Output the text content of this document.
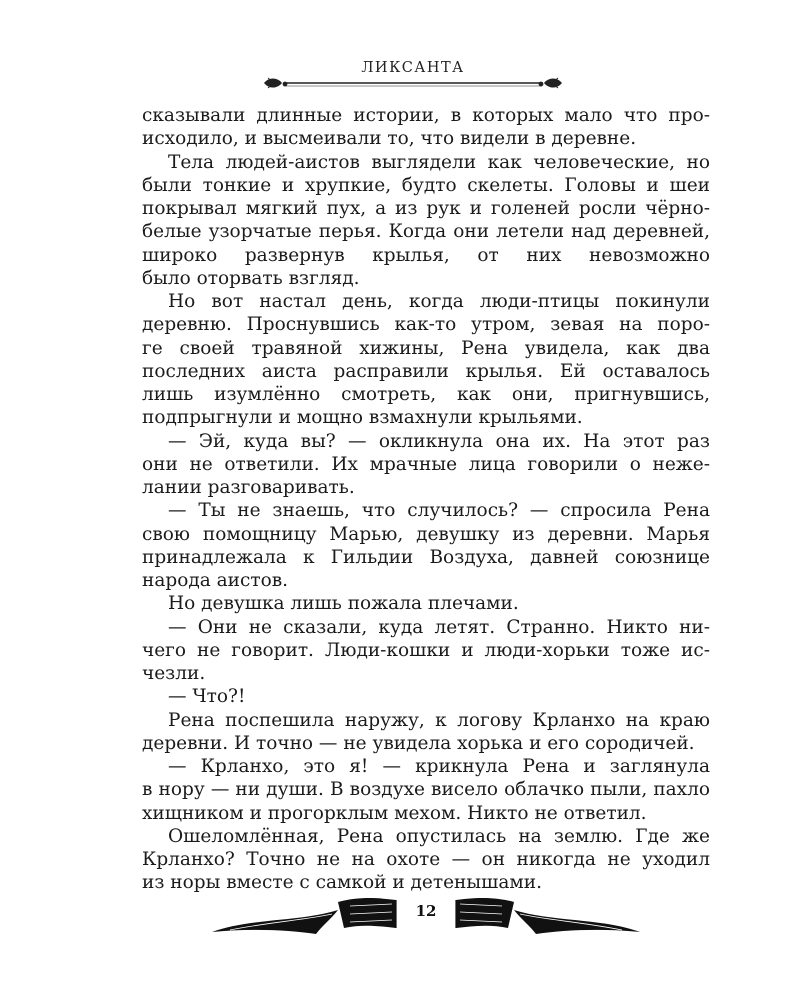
ЛИКСАНТА
сказывали длинные истории, в которых мало что про-
исходило, и высмеивали то, что видели в деревне.
Тела людей-аистов выглядели как человеческие, но
были тонкие и хрупкие, будто скелеты. Головы и шеи
покрывал мягкий пух, а из рук и голеней росли чёрно-
белые узорчатые перья. Когда они летели над деревней,
широко развернув крылья, от них невозможно
было оторвать взгляд.
Но вот настал день, когда люди-птицы покинули
деревню. Проснувшись как-то утром, зевая на поро-
ге своей травяной хижины, Рена увидела, как два
последних аиста расправили крылья. Ей оставалось
лишь изумлённо смотреть, как они, пригнувшись,
подпрыгнули и мощно взмахнули крыльями.
— Эй, куда вы? — окликнула она их. На этот раз
они не ответили. Их мрачные лица говорили о неже-
лании разговаривать.
— Ты не знаешь, что случилось? — спросила Рена
свою помощницу Марью, девушку из деревни. Марья
принадлежала к Гильдии Воздуха, давней союзнице
народа аистов.
Но девушка лишь пожала плечами.
— Они не сказали, куда летят. Странно. Никто ни-
чего не говорит. Люди-кошки и люди-хорьки тоже ис-
чезли.
— Что?!
Рена поспешила наружу, к логову Крланхо на краю
деревни. И точно — не увидела хорька и его сородичей.
— Крланхо, это я! — крикнула Рена и заглянула
в нору — ни души. В воздухе висело облачко пыли, пахло
хищником и прогорклым мехом. Никто не ответил.
Ошеломлённая, Рена опустилась на землю. Где же
Крланхо? Точно не на охоте — он никогда не уходил
из норы вместе с самкой и детенышами.
12
